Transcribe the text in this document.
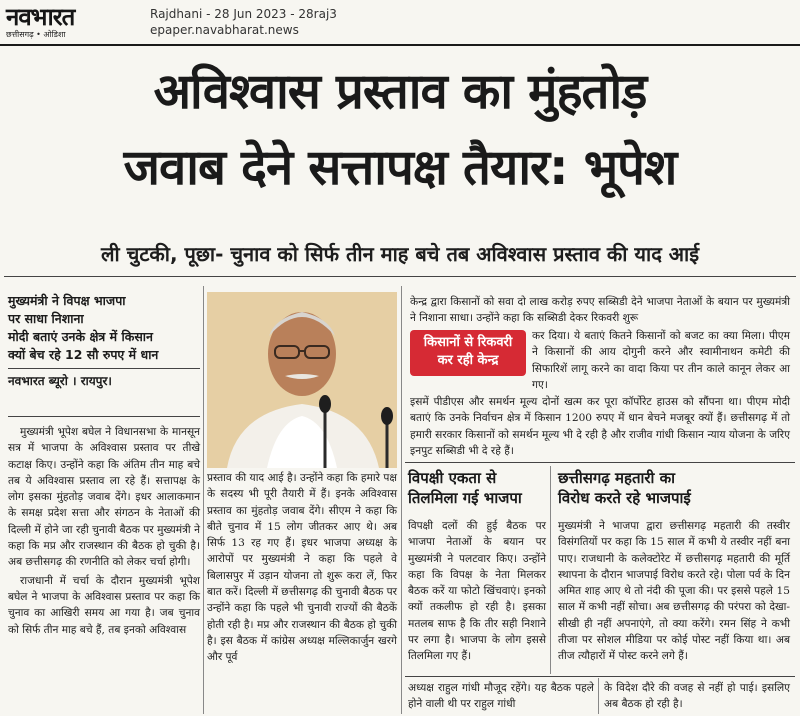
नवभारत
छत्तीसगढ़ • ओडिशा
Rajdhani - 28 Jun 2023 - 28raj3
epaper.navabharat.news
अविश्वास प्रस्ताव का मुंहतोड़
जवाब देने सत्तापक्ष तैयार: भूपेश
ली चुटकी, पूछा- चुनाव को सिर्फ तीन माह बचे तब अविश्वास प्रस्ताव की याद आई
मुख्यमंत्री ने विपक्ष भाजपा
पर साधा निशाना
मोदी बताएं उनके क्षेत्र में किसान
क्यों बेच रहे 12 सौ रुपए में धान
नवभारत ब्यूरो । रायपुर।

मुख्यमंत्री भूपेश बघेल ने विधानसभा के मानसून सत्र में भाजपा के अविश्वास प्रस्ताव पर तीखे कटाक्ष किए। उन्होंने कहा कि अंतिम तीन माह बचे तब ये अविश्वास प्रस्ताव ला रहे हैं। सत्तापक्ष के लोग इसका मुंहतोड़ जवाब देंगे। इधर आलाकमान के समक्ष प्रदेश सत्ता और संगठन के नेताओं की दिल्ली में होने जा रही चुनावी बैठक पर मुख्यमंत्री ने कहा कि मप्र और राजस्थान की बैठक हो चुकी है। अब छत्तीसगढ़ की रणनीति को लेकर चर्चा होगी।

राजधानी में चर्चा के दौरान मुख्यमंत्री भूपेश बघेल ने भाजपा के अविश्वास प्रस्ताव पर कहा कि चुनाव का आखिरी समय आ गया है। जब चुनाव को सिर्फ तीन माह बचे हैं, तब इनको अविश्वास

प्रस्ताव की याद आई है। उन्होंने कहा कि हमारे पक्ष के सदस्य भी पूरी तैयारी में हैं। इनके अविश्वास प्रस्ताव का मुंहतोड़ जवाब देंगे। सीएम ने कहा कि बीते चुनाव में 15 लोग जीतकर आए थे। अब सिर्फ 13 रह गए हैं। इधर भाजपा अध्यक्ष के आरोपों पर मुख्यमंत्री ने कहा कि पहले वे बिलासपुर में उड़ान योजना तो शुरू करा लें, फिर बात करें। दिल्ली में छत्तीसगढ़ की चुनावी बैठक पर उन्होंने कहा कि पहले भी चुनावी राज्यों की बैठकें होती रही है। मप्र और राजस्थान की बैठक हो चुकी है। इस बैठक में कांग्रेस अध्यक्ष मल्लिकार्जुन खरगे और पूर्व
केन्द्र द्वारा किसानों को सवा दो लाख करोड़ रुपए सब्सिडी देने भाजपा नेताओं के बयान पर मुख्यमंत्री ने निशाना साधा। उन्होंने कहा कि सब्सिडी देकर रिकवरी शुरू
किसानों से रिकवरी
कर रही केन्द्र
कर दिया। ये बताएं कितने किसानों को बजट का क्या मिला। पीएम ने किसानों की आय दोगुनी करने और स्वामीनाथन कमेटी की सिफारिशें लागू करने का वादा किया पर तीन काले कानून लेकर आ गए।
इसमें पीडीएस और समर्थन मूल्य दोनों खत्म कर पूरा कॉर्पोरेट हाउस को सौंपना था। पीएम मोदी बताएं कि उनके निर्वाचन क्षेत्र में किसान 1200 रुपए में धान बेचने मजबूर क्यों हैं। छत्तीसगढ़ में तो हमारी सरकार किसानों को समर्थन मूल्य भी दे रही है और राजीव गांधी किसान न्याय योजना के जरिए इनपुट सब्सिडी भी दे रहे हैं।
विपक्षी एकता से
तिलमिला गई भाजपा
विपक्षी दलों की हुई बैठक पर भाजपा नेताओं के बयान पर मुख्यमंत्री ने पलटवार किए। उन्होंने कहा कि विपक्ष के नेता मिलकर बैठक करें या फोटो खिंचवाएं। इनको क्यों तकलीफ हो रही है। इसका मतलब साफ है कि तीर सही निशाने पर लगा है। भाजपा के लोग इससे तिलमिला गए हैं।
छत्तीसगढ़ महतारी का
विरोध करते रहे भाजपाई
मुख्यमंत्री ने भाजपा द्वारा छत्तीसगढ़ महतारी की तस्वीर विसंगतियों पर कहा कि 15 साल में कभी ये तस्वीर नहीं बना पाए। राजधानी के कलेक्टोरेट में छत्तीसगढ़ महतारी की मूर्ति स्थापना के दौरान भाजपाई विरोध करते रहे। पोला पर्व के दिन अमित शाह आए थे तो नंदी की पूजा की। पर इससे पहले 15 साल में कभी नहीं सोचा। अब छत्तीसगढ़ की परंपरा को देखा-सीखी ही नहीं अपनाएंगे, तो क्या करेंगे। रमन सिंह ने कभी तीजा पर सोशल मीडिया पर कोई पोस्ट नहीं किया था। अब तीज त्यौहारों में पोस्ट करने लगे हैं।
अध्यक्ष राहुल गांधी मौजूद रहेंगे। यह बैठक पहले होने वाली थी पर राहुल गांधी
के विदेश दौरे की वजह से नहीं हो पाई। इसलिए अब बैठक हो रही है।
